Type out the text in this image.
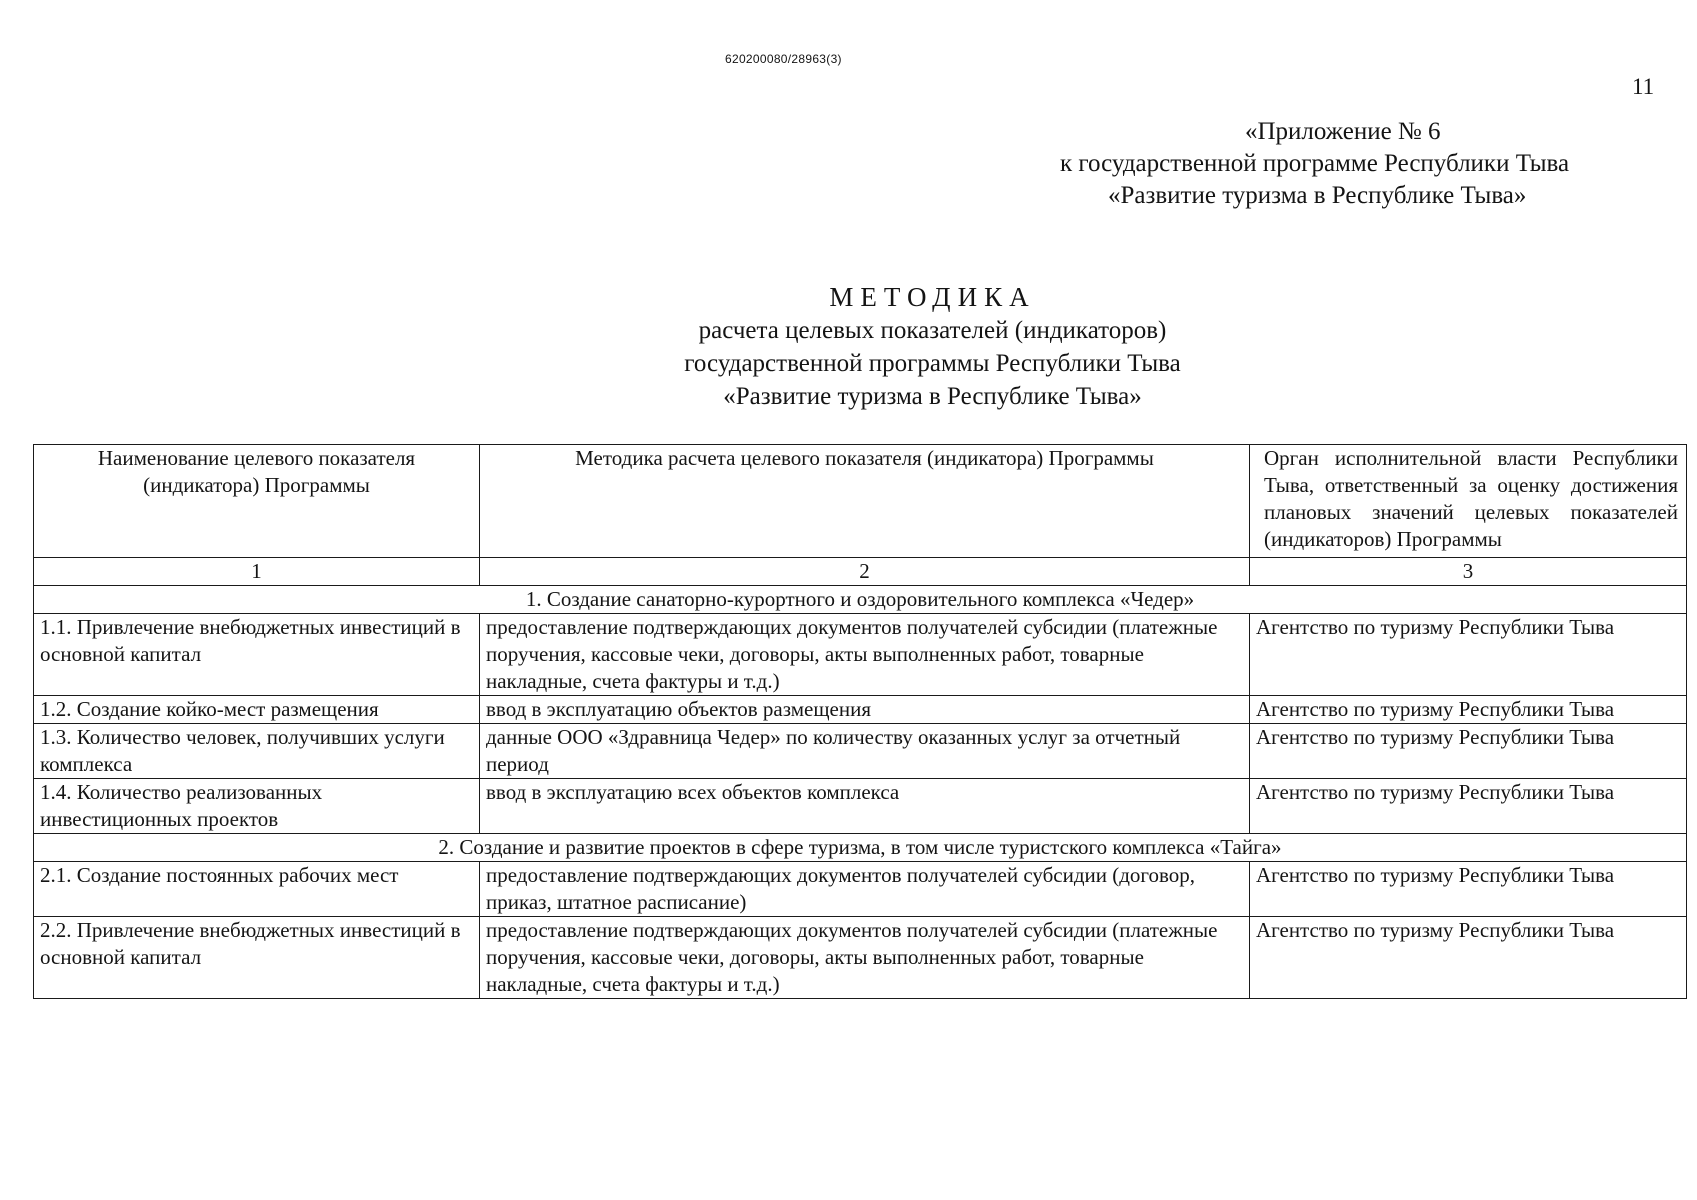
620200080/28963(3)
11
«Приложение № 6
к государственной программе Республики Тыва
«Развитие туризма в Республике Тыва»
МЕТОДИКА
расчета целевых показателей (индикаторов)
государственной программы Республики Тыва
«Развитие туризма в Республике Тыва»
Наименование целевого показателя (индикатора) Программы	Методика расчета целевого показателя (индикатора) Программы	Орган исполнительной власти Республики Тыва, ответственный за оценку достижения плановых значений целевых показателей (индикаторов) Программы
1	2	3
1. Создание санаторно-курортного и оздоровительного комплекса «Чедер»		
1.1. Привлечение внебюджетных инвестиций в основной капитал	предоставление подтверждающих документов получателей субсидии (платежные поручения, кассовые чеки, договоры, акты выполненных работ, товарные накладные, счета фактуры и т.д.)	Агентство по туризму Республики Тыва
1.2. Создание койко-мест размещения	ввод в эксплуатацию объектов размещения	Агентство по туризму Республики Тыва
1.3. Количество человек, получивших услуги комплекса	данные ООО «Здравница Чедер» по количеству оказанных услуг за отчетный период	Агентство по туризму Республики Тыва
1.4. Количество реализованных инвестиционных проектов	ввод в эксплуатацию всех объектов комплекса	Агентство по туризму Республики Тыва
2. Создание и развитие проектов в сфере туризма, в том числе туристского комплекса «Тайга»		
2.1. Создание постоянных рабочих мест	предоставление подтверждающих документов получателей субсидии (договор, приказ, штатное расписание)	Агентство по туризму Республики Тыва
2.2. Привлечение внебюджетных инвестиций в основной капитал	предоставление подтверждающих документов получателей субсидии (платежные поручения, кассовые чеки, договоры, акты выполненных работ, товарные накладные, счета фактуры и т.д.)	Агентство по туризму Республики Тыва
